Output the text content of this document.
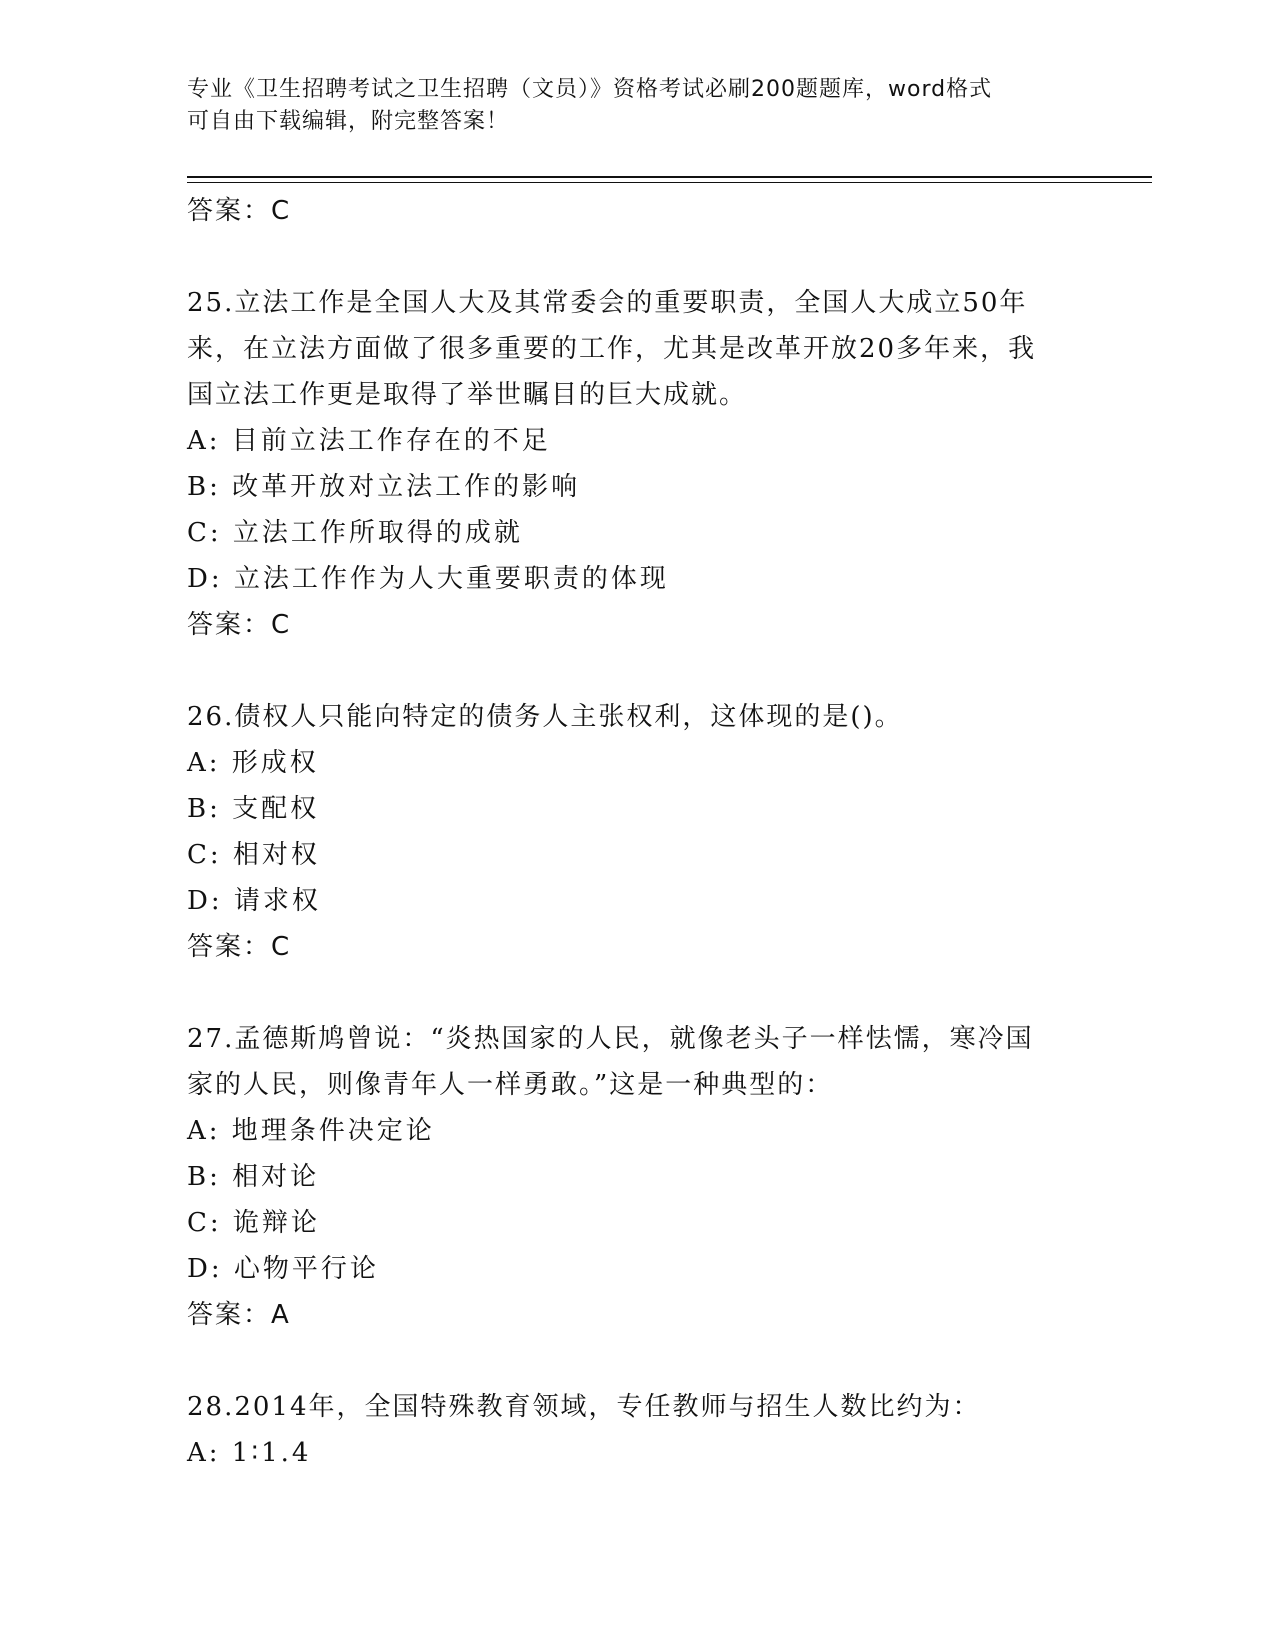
专业《卫生招聘考试之卫生招聘（文员）》资格考试必刷200题题库，word格式
可自由下载编辑，附完整答案！
答案：C
25.立法工作是全国人大及其常委会的重要职责，全国人大成立50年
来，在立法方面做了很多重要的工作，尤其是改革开放20多年来，我
国立法工作更是取得了举世瞩目的巨大成就。
A: 目前立法工作存在的不足
B: 改革开放对立法工作的影响
C: 立法工作所取得的成就
D: 立法工作作为人大重要职责的体现
答案：C
26.债权人只能向特定的债务人主张权利，这体现的是()。
A: 形成权
B: 支配权
C: 相对权
D: 请求权
答案：C
27.孟德斯鸠曾说：“炎热国家的人民，就像老头子一样怯懦，寒冷国
家的人民，则像青年人一样勇敢。”这是一种典型的：
A: 地理条件决定论
B: 相对论
C: 诡辩论
D: 心物平行论
答案：A
28.2014年，全国特殊教育领域，专任教师与招生人数比约为：
A: 1∶1.4
